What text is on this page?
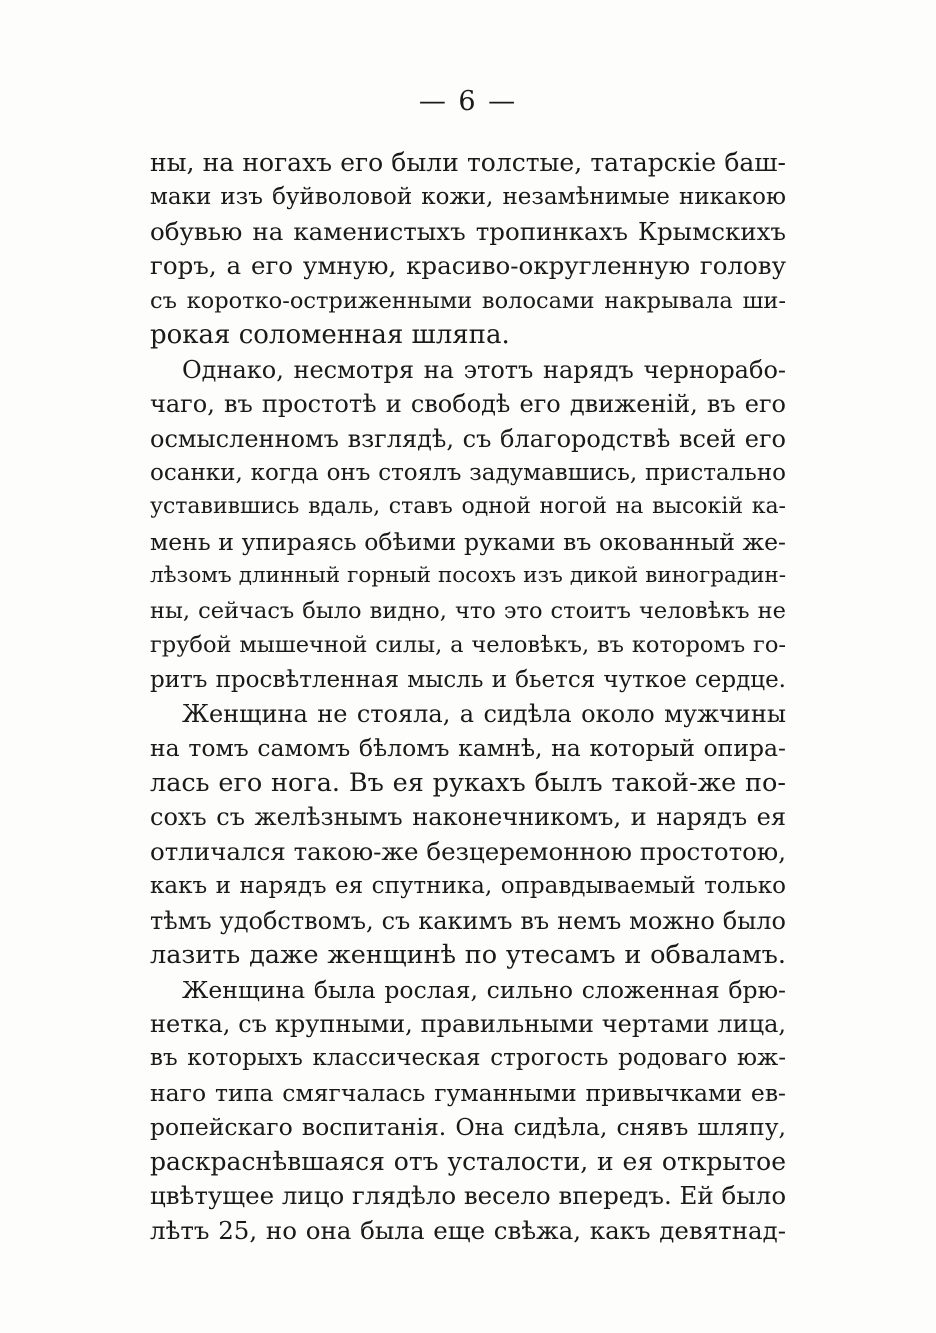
— 6 —
ны, на ногахъ его были толстые, татарскіе баш-
маки изъ буйволовой кожи, незамѣнимые никакою
обувью на каменистыхъ тропинкахъ Крымскихъ
горъ, а его умную, красиво-округленную голову
съ коротко-остриженными волосами накрывала ши-
рокая соломенная шляпа.
Однако, несмотря на этотъ нарядъ чернорабо-
чаго, въ простотѣ и свободѣ его движеній, въ его
осмысленномъ взглядѣ, съ благородствѣ всей его
осанки, когда онъ стоялъ задумавшись, пристально
уставившись вдаль, ставъ одной ногой на высокій ка-
мень и упираясь обѣими руками въ окованный же-
лѣзомъ длинный горный посохъ изъ дикой виноградин-
ны, сейчасъ было видно, что это стоитъ человѣкъ не
грубой мышечной силы, а человѣкъ, въ которомъ го-
ритъ просвѣтленная мысль и бьется чуткое сердце.
Женщина не стояла, а сидѣла около мужчины
на томъ самомъ бѣломъ камнѣ, на который опира-
лась его нога. Въ ея рукахъ былъ такой-же по-
сохъ съ желѣзнымъ наконечникомъ, и нарядъ ея
отличался такою-же безцеремонною простотою,
какъ и нарядъ ея спутника, оправдываемый только
тѣмъ удобствомъ, съ какимъ въ немъ можно было
лазить даже женщинѣ по утесамъ и обваламъ.
Женщина была рослая, сильно сложенная брю-
нетка, съ крупными, правильными чертами лица,
въ которыхъ классическая строгость родоваго юж-
наго типа смягчалась гуманными привычками ев-
ропейскаго воспитанія. Она сидѣла, снявъ шляпу,
раскраснѣвшаяся отъ усталости, и ея открытое
цвѣтущее лицо глядѣло весело впередъ. Ей было
лѣтъ 25, но она была еще свѣжа, какъ девятнад-
